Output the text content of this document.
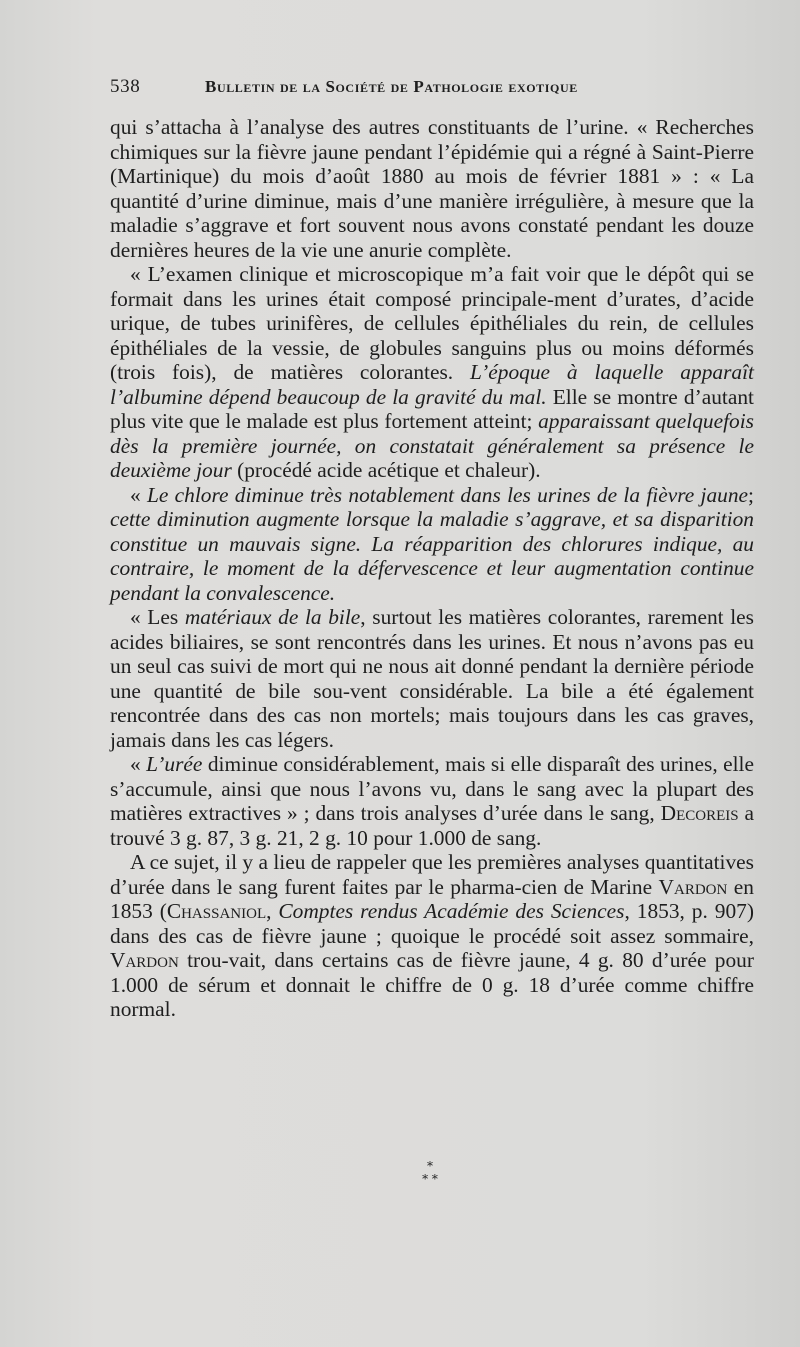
538	Bulletin de la Société de Pathologie exotique

qui s’attacha à l’analyse des autres constituants de l’urine. « Recherches chimiques sur la fièvre jaune pendant l’épidémie qui a régné à Saint-Pierre (Martinique) du mois d’août 1880 au mois de février 1881 » : « La quantité d’urine diminue, mais d’une manière irrégulière, à mesure que la maladie s’aggrave et fort souvent nous avons constaté pendant les douze dernières heures de la vie une anurie complète.

« L’examen clinique et microscopique m’a fait voir que le dépôt qui se formait dans les urines était composé principale-ment d’urates, d’acide urique, de tubes urinifères, de cellules épithéliales du rein, de cellules épithéliales de la vessie, de globules sanguins plus ou moins déformés (trois fois), de matières colorantes. L’époque à laquelle apparaît l’albumine dépend beaucoup de la gravité du mal. Elle se montre d’autant plus vite que le malade est plus fortement atteint; apparaissant quelquefois dès la première journée, on constatait généralement sa présence le deuxième jour (procédé acide acétique et chaleur).

« Le chlore diminue très notablement dans les urines de la fièvre jaune; cette diminution augmente lorsque la maladie s’aggrave, et sa disparition constitue un mauvais signe. La réapparition des chlorures indique, au contraire, le moment de la défervescence et leur augmentation continue pendant la convalescence.

« Les matériaux de la bile, surtout les matières colorantes, rarement les acides biliaires, se sont rencontrés dans les urines. Et nous n’avons pas eu un seul cas suivi de mort qui ne nous ait donné pendant la dernière période une quantité de bile sou-vent considérable. La bile a été également rencontrée dans des cas non mortels; mais toujours dans les cas graves, jamais dans les cas légers.

« L’urée diminue considérablement, mais si elle disparaît des urines, elle s’accumule, ainsi que nous l’avons vu, dans le sang avec la plupart des matières extractives » ; dans trois analyses d’urée dans le sang, Decoreis a trouvé 3 g. 87, 3 g. 21, 2 g. 10 pour 1.000 de sang.

A ce sujet, il y a lieu de rappeler que les premières analyses quantitatives d’urée dans le sang furent faites par le pharma-cien de Marine Vardon en 1853 (Chassaniol, Comptes rendus Académie des Sciences, 1853, p. 907) dans des cas de fièvre jaune ; quoique le procédé soit assez sommaire, Vardon trou-vait, dans certains cas de fièvre jaune, 4 g. 80 d’urée pour 1.000 de sérum et donnait le chiffre de 0 g. 18 d’urée comme chiffre normal.

*
* *
